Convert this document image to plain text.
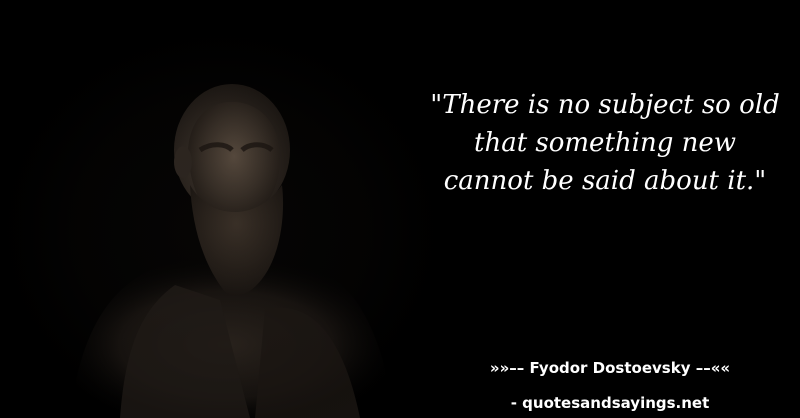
"There is no subject so old that something new cannot be said about it."

»»–– Fyodor Dostoevsky ––««
- quotesandsayings.net
